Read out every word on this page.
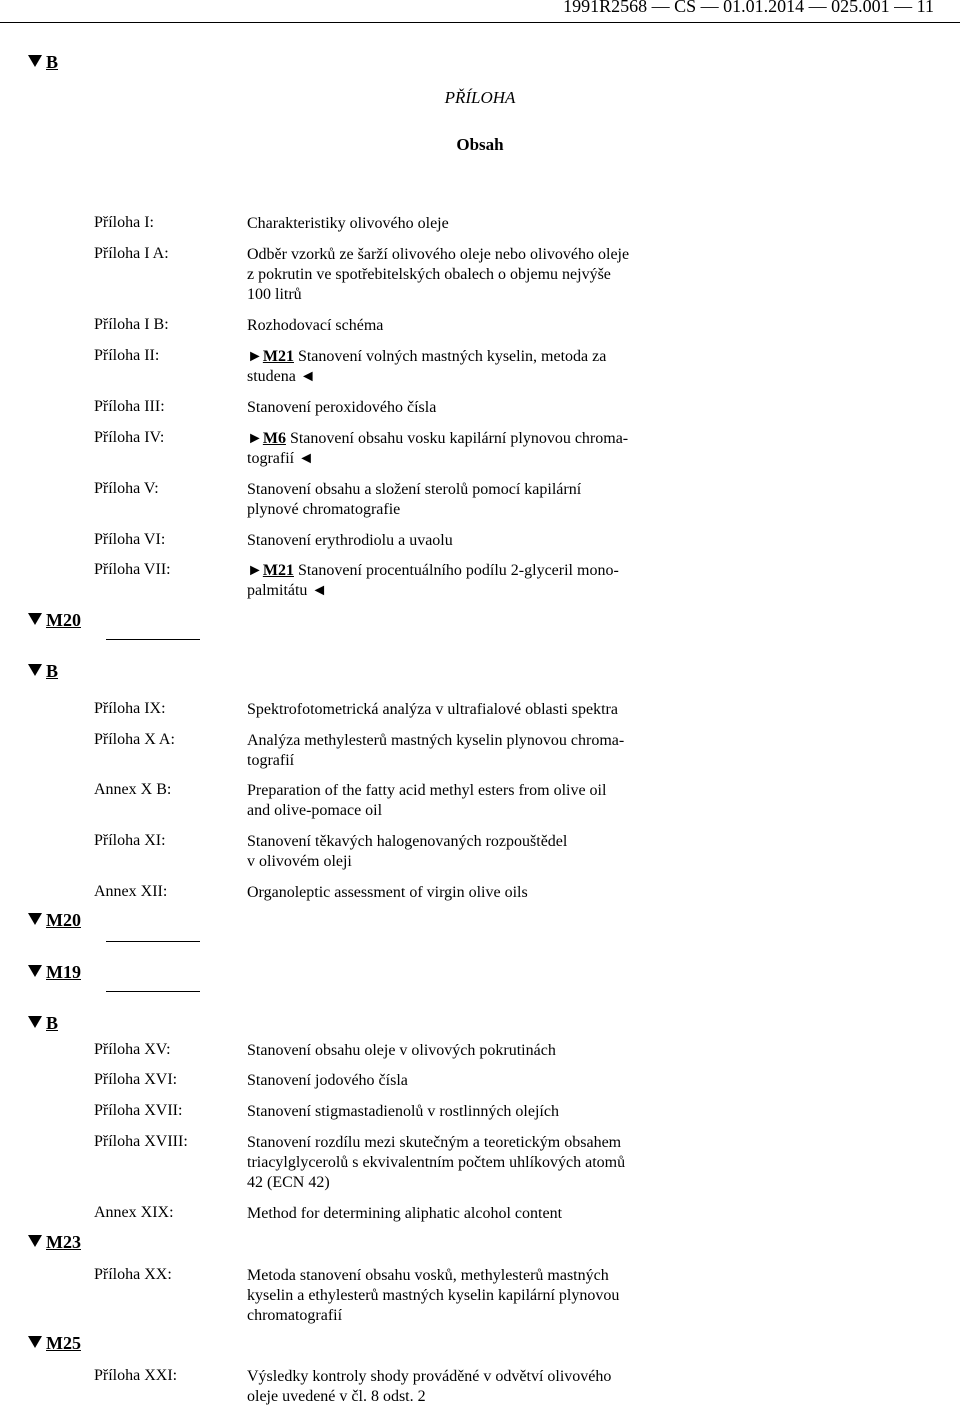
1991R2568 — CS — 01.01.2014 — 025.001 — 11
B
M20
B
M20
M19
B
M23
M25
PŘÍLOHA
Obsah
Příloha I:	Charakteristiky olivového oleje
Příloha I A:	Odběr vzorků ze šarží olivového oleje nebo olivového oleje
z pokrutin ve spotřebitelských obalech o objemu nejvýše
100 litrů
Příloha I B:	Rozhodovací schéma
Příloha II:	►M21 Stanovení volných mastných kyselin, metoda za
studena ◄
Příloha III:	Stanovení peroxidového čísla
Příloha IV:	►M6 Stanovení obsahu vosku kapilární plynovou chroma-
tografií ◄
Příloha V:	Stanovení obsahu a složení sterolů pomocí kapilární
plynové chromatografie
Příloha VI:	Stanovení erythrodiolu a uvaolu
Příloha VII:	►M21 Stanovení procentuálního podílu 2-glyceril mono-
palmitátu ◄
Příloha IX:	Spektrofotometrická analýza v ultrafialové oblasti spektra
Příloha X A:	Analýza methylesterů mastných kyselin plynovou chroma-
tografií
Annex X B:	Preparation of the fatty acid methyl esters from olive oil
and olive-pomace oil
Příloha XI:	Stanovení těkavých halogenovaných rozpouštědel
v olivovém oleji
Annex XII:	Organoleptic assessment of virgin olive oils
Příloha XV:	Stanovení obsahu oleje v olivových pokrutinách
Příloha XVI:	Stanovení jodového čísla
Příloha XVII:	Stanovení stigmastadienolů v rostlinných olejích
Příloha XVIII:	Stanovení rozdílu mezi skutečným a teoretickým obsahem
triacylglycerolů s ekvivalentním počtem uhlíkových atomů
42 (ECN 42)
Annex XIX:	Method for determining aliphatic alcohol content
Příloha XX:	Metoda stanovení obsahu vosků, methylesterů mastných
kyselin a ethylesterů mastných kyselin kapilární plynovou
chromatografií
Příloha XXI:	Výsledky kontroly shody prováděné v odvětví olivového
oleje uvedené v čl. 8 odst. 2
